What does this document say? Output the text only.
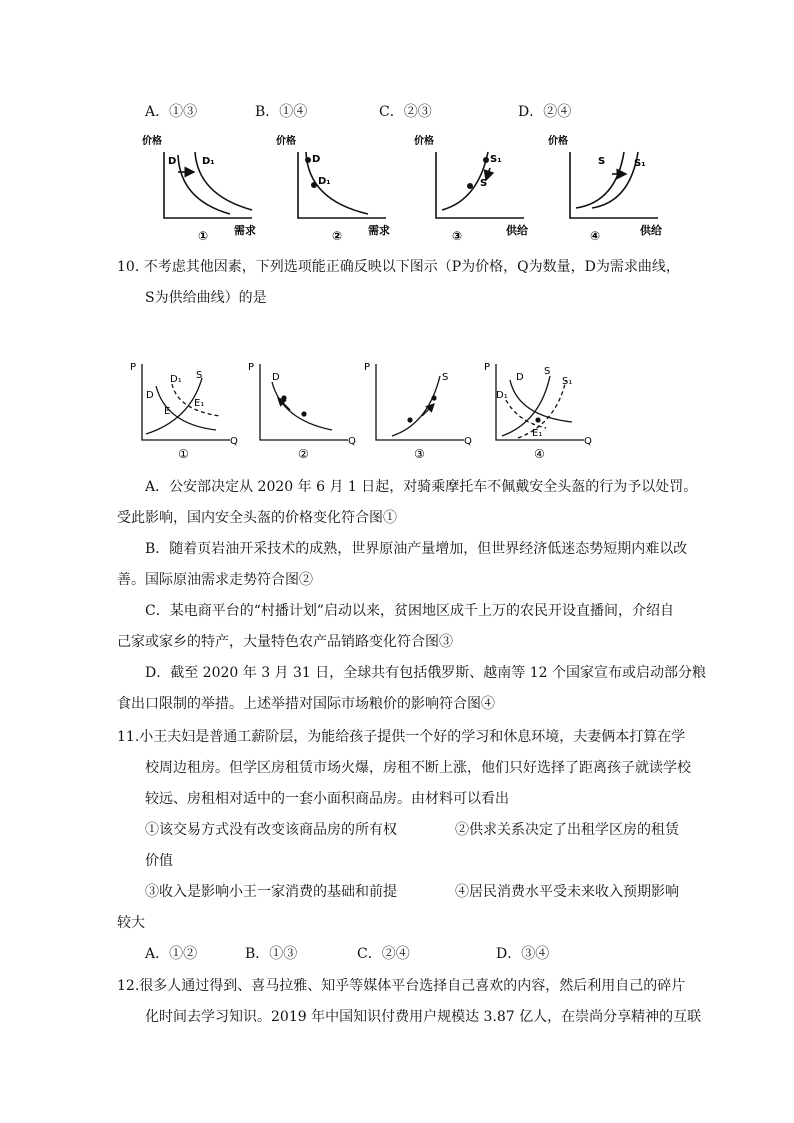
A．①③	B．①④	C．②③	D．②④
价格
D	D₁
需求
①
价格
D
D₁
需求
②
价格
S₁
S
供给
③
价格
S	S₁
供给
④
10. 不考虑其他因素，下列选项能正确反映以下图示（P为价格，Q为数量，D为需求曲线，
S为供给曲线）的是
P
Q
D
D₁ S
E
E₁
①
P
Q
D
②
P
Q
S
③
P
Q
D
D₁
S
S₁
E₁
④
A．公安部决定从 2020 年 6 月 1 日起，对骑乘摩托车不佩戴安全头盔的行为予以处罚。
受此影响，国内安全头盔的价格变化符合图①
B．随着页岩油开采技术的成熟，世界原油产量增加，但世界经济低迷态势短期内难以改
善。国际原油需求走势符合图②
C．某电商平台的“村播计划”启动以来，贫困地区成千上万的农民开设直播间，介绍自
己家或家乡的特产，大量特色农产品销路变化符合图③
D．截至 2020 年 3 月 31 日，全球共有包括俄罗斯、越南等 12 个国家宣布或启动部分粮
食出口限制的举措。上述举措对国际市场粮价的影响符合图④
11.小王夫妇是普通工薪阶层，为能给孩子提供一个好的学习和休息环境，夫妻俩本打算在学
校周边租房。但学区房租赁市场火爆，房租不断上涨，他们只好选择了距离孩子就读学校
较远、房租相对适中的一套小面积商品房。由材料可以看出
①该交易方式没有改变该商品房的所有权	②供求关系决定了出租学区房的租赁
价值
③收入是影响小王一家消费的基础和前提	④居民消费水平受未来收入预期影响
较大
A．①②	B．①③	C．②④	D．③④
12.很多人通过得到、喜马拉雅、知乎等媒体平台选择自己喜欢的内容，然后利用自己的碎片
化时间去学习知识。2019 年中国知识付费用户规模达 3.87 亿人，在崇尚分享精神的互联
